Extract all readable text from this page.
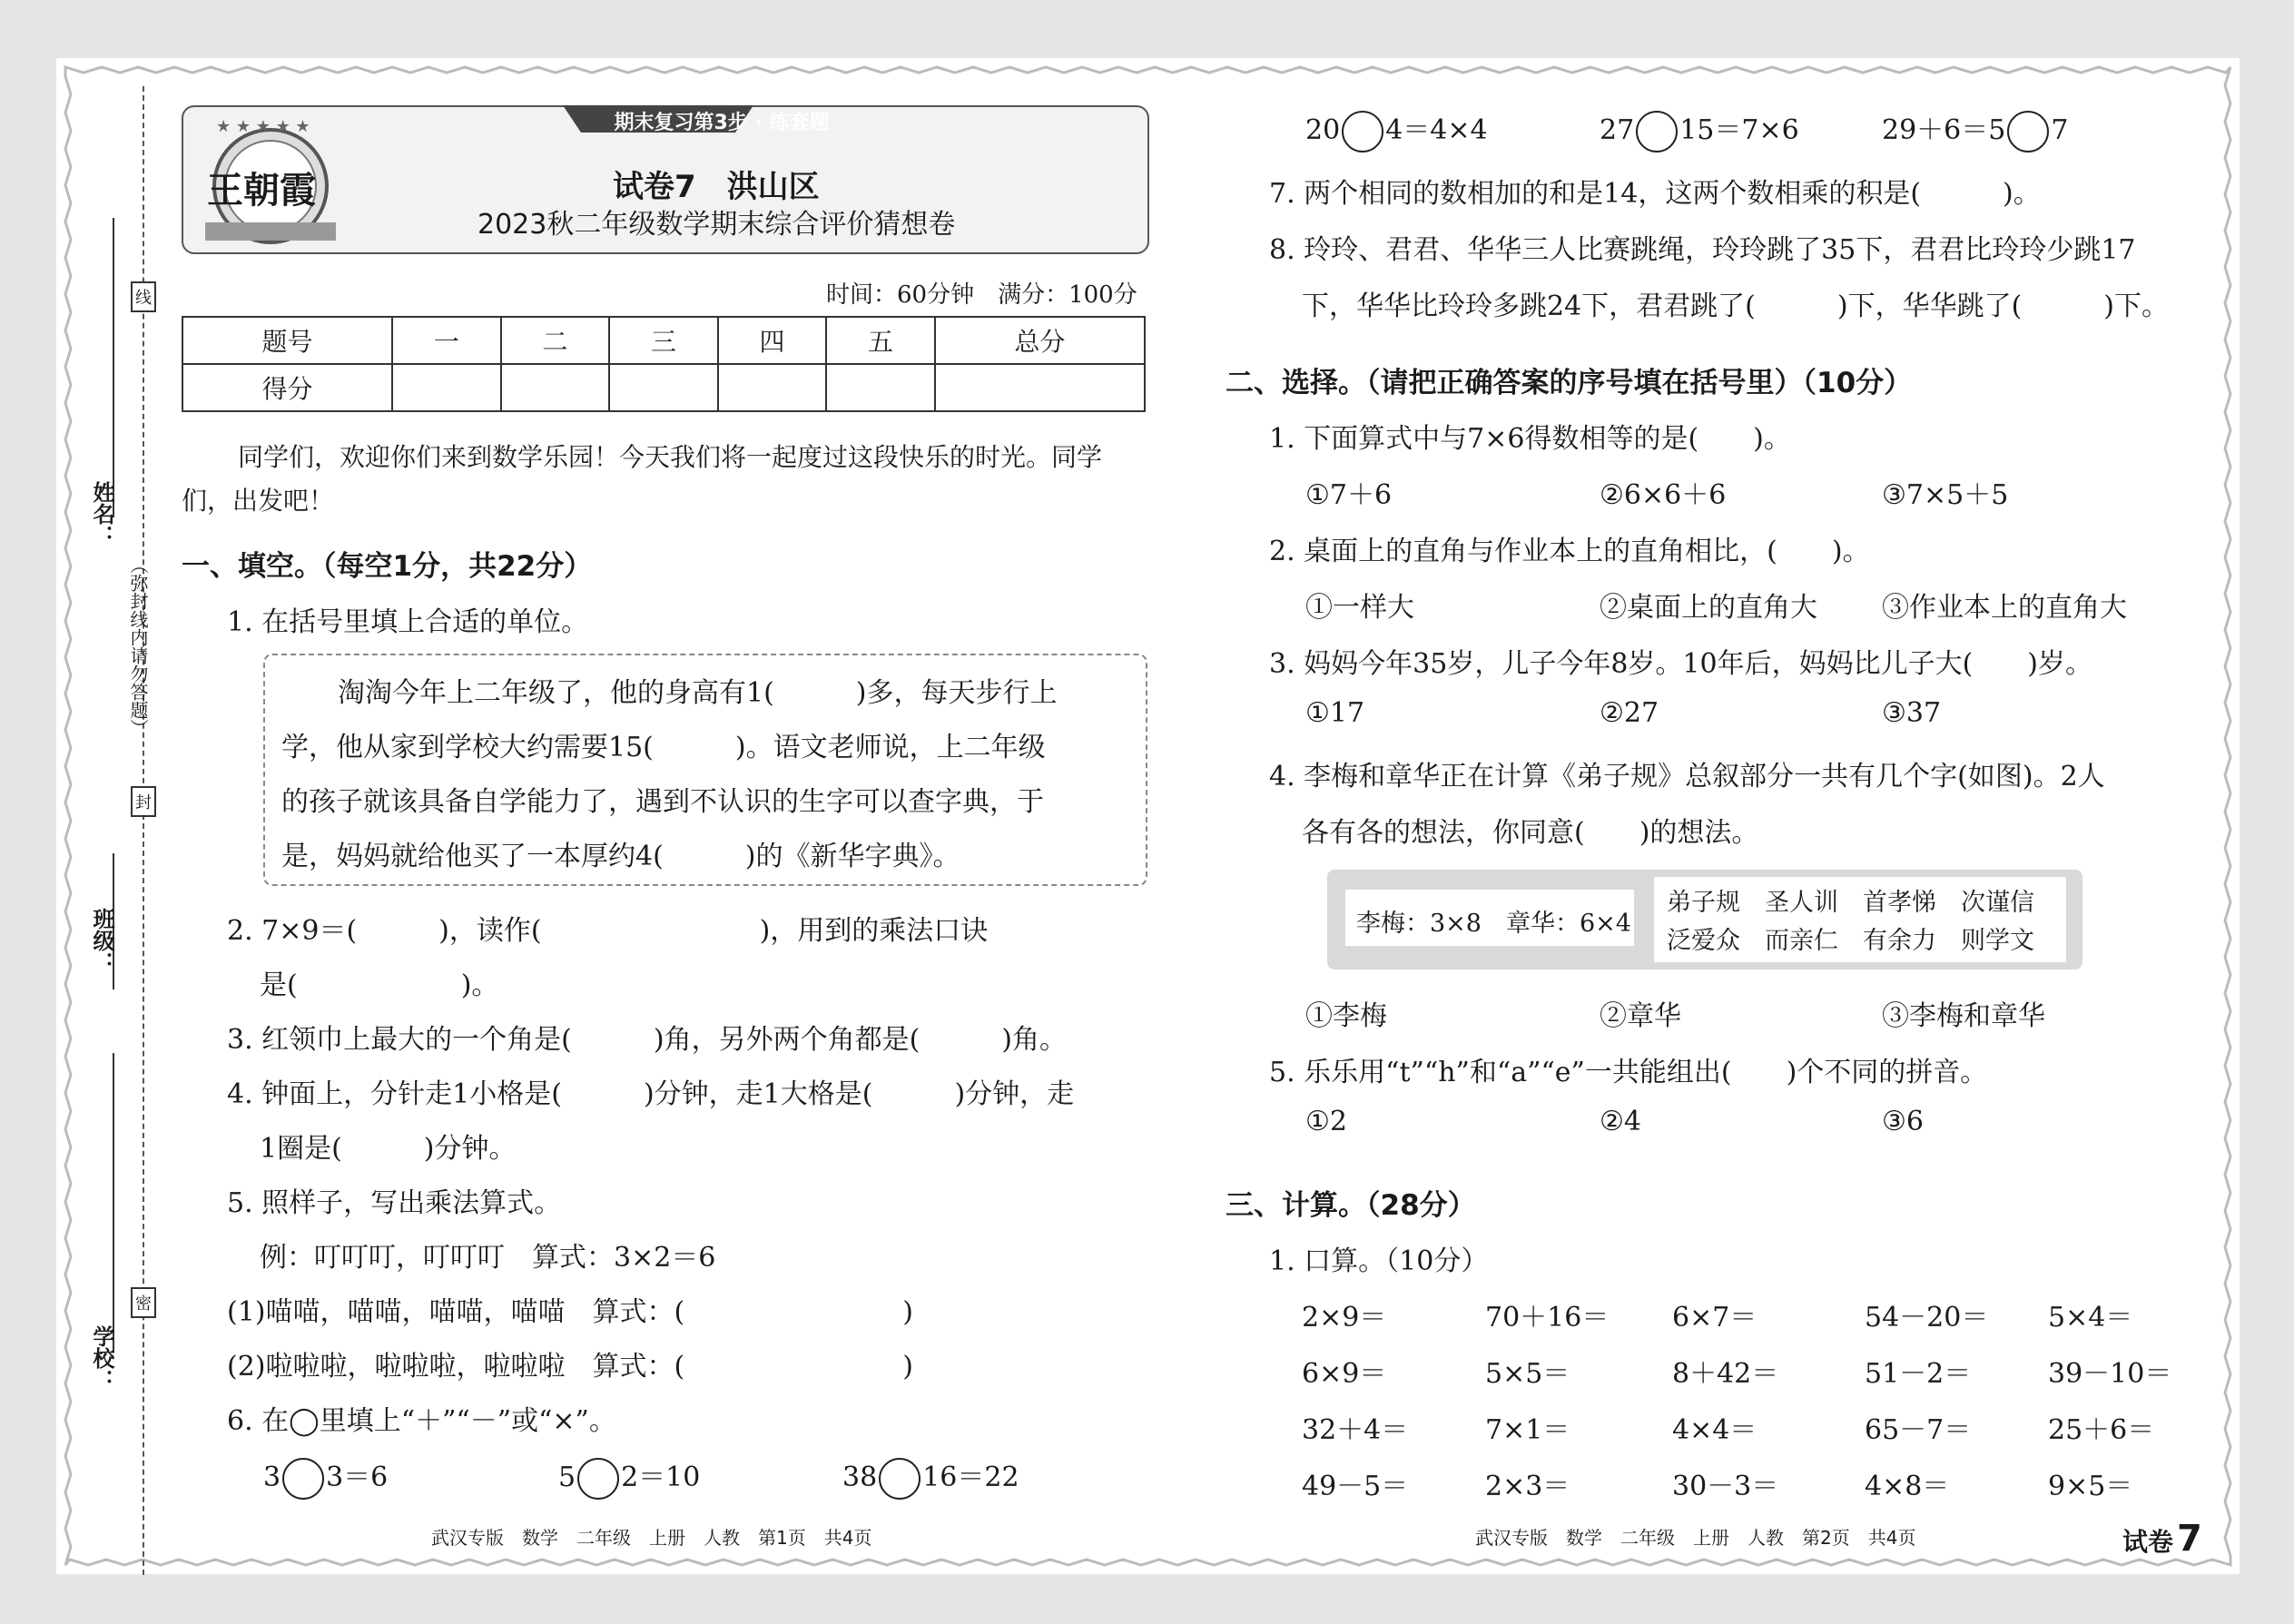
线
封
密
（弥封线内请勿答题）
姓名：
班级：
学校：
期末复习第3步 · 练套题
★ ★ ★ ★ ★
王朝霞	试卷7　洪山区
2023秋二年级数学期末综合评价猜想卷
时间：60分钟　满分：100分
题号	一	二	三	四	五	总分
得分						
同学们，欢迎你们来到数学乐园！今天我们将一起度过这段快乐的时光。同学
们，出发吧！
一、填空。（每空1分，共22分）
1. 在括号里填上合适的单位。
淘淘今年上二年级了，他的身高有1(　　　)多，每天步行上
学，他从家到学校大约需要15(　　　)。语文老师说，上二年级
的孩子就该具备自学能力了，遇到不认识的生字可以查字典，于
是，妈妈就给他买了一本厚约4(　　　)的《新华字典》。
2. 7×9＝(　　　)，读作(　　　　　　　　)，用到的乘法口诀
是(　　　　　　)。
3. 红领巾上最大的一个角是(　　　)角，另外两个角都是(　　　)角。
4. 钟面上，分针走1小格是(　　　)分钟，走1大格是(　　　)分钟，走
1圈是(　　　)分钟。
5. 照样子，写出乘法算式。
例：叮叮叮，叮叮叮　算式：3×2＝6
(1)喵喵，喵喵，喵喵，喵喵　算式：(　　　　　　　　)
(2)啦啦啦，啦啦啦，啦啦啦　算式：(　　　　　　　　)
6. 在◯里填上“＋”“－”或“×”。
3 3＝6	5 2＝10	38 16＝22
武汉专版　数学　二年级　上册　人教　第1页　共4页
20 4＝4×4	27 15＝7×6	29＋6＝5 7
7. 两个相同的数相加的和是14，这两个数相乘的积是(　　　)。
8. 玲玲、君君、华华三人比赛跳绳，玲玲跳了35下，君君比玲玲少跳17
下，华华比玲玲多跳24下，君君跳了(　　　)下，华华跳了(　　　)下。
二、选择。（请把正确答案的序号填在括号里）（10分）
1. 下面算式中与7×6得数相等的是(　　)。
①7＋6	②6×6＋6	③7×5＋5
2. 桌面上的直角与作业本上的直角相比，(　　)。
①一样大	②桌面上的直角大 ③作业本上的直角大
3. 妈妈今年35岁，儿子今年8岁。10年后，妈妈比儿子大(　　)岁。
①17	②27	③37
4. 李梅和章华正在计算《弟子规》总叙部分一共有几个字(如图)。2人
各有各的想法，你同意(　　)的想法。
李梅：3×8　章华：6×4
弟子规　圣人训　首孝悌　次谨信
泛爱众　而亲仁　有余力　则学文
①李梅	②章华	③李梅和章华
5. 乐乐用“t”“h”和“a”“e”一共能组出(　　)个不同的拼音。
①2	②4	③6
三、计算。（28分）
1. 口算。（10分）
2×9＝	70＋16＝ 6×7＝	54－20＝ 5×4＝
6×9＝	5×5＝	8＋42＝	51－2＝	39－10＝
32＋4＝	7×1＝	4×4＝	65－7＝	25＋6＝
49－5＝	2×3＝	30－3＝	4×8＝	9×5＝
武汉专版　数学　二年级　上册　人教　第2页　共4页	试卷 7
